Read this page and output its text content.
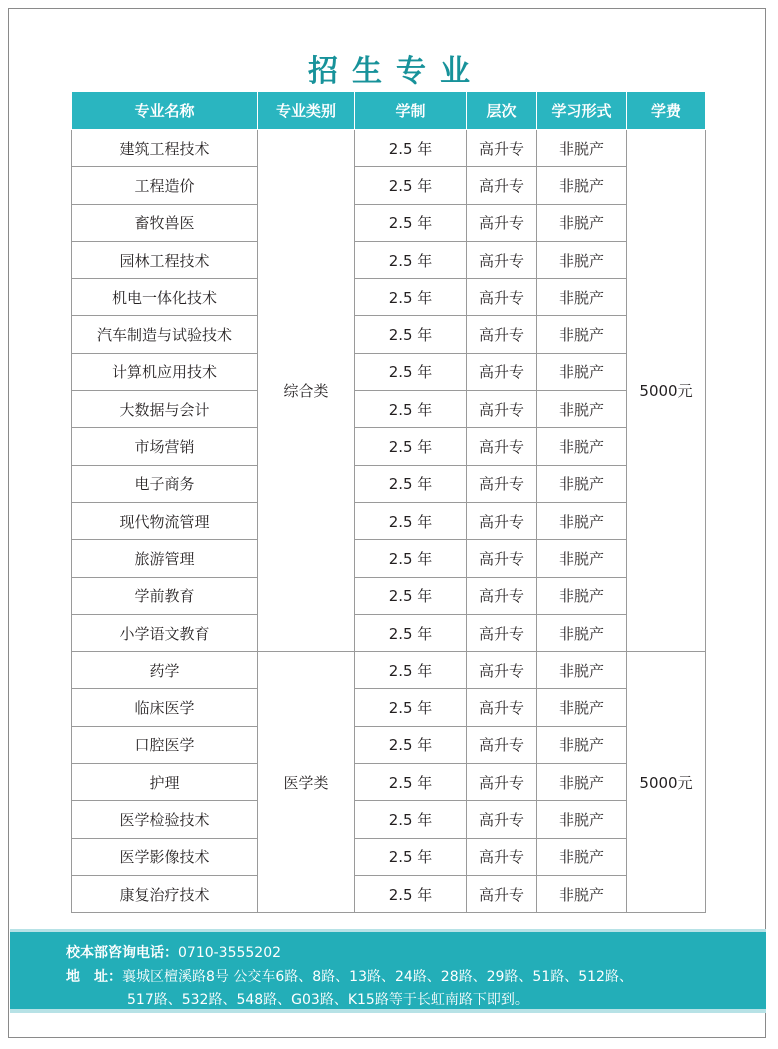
招生专业
专业名称	专业类别	学制	层次	学习形式	学费
建筑工程技术	综合类	2.5 年	高升专	非脱产	5000元
工程造价		2.5 年	高升专	非脱产	
畜牧兽医		2.5 年	高升专	非脱产	
园林工程技术		2.5 年	高升专	非脱产	
机电一体化技术		2.5 年	高升专	非脱产	
汽车制造与试验技术		2.5 年	高升专	非脱产	
计算机应用技术		2.5 年	高升专	非脱产	
大数据与会计		2.5 年	高升专	非脱产	
市场营销		2.5 年	高升专	非脱产	
电子商务		2.5 年	高升专	非脱产	
现代物流管理		2.5 年	高升专	非脱产	
旅游管理		2.5 年	高升专	非脱产	
学前教育		2.5 年	高升专	非脱产	
小学语文教育		2.5 年	高升专	非脱产	
药学	医学类	2.5 年	高升专	非脱产	5000元
临床医学		2.5 年	高升专	非脱产	
口腔医学		2.5 年	高升专	非脱产	
护理		2.5 年	高升专	非脱产	
医学检验技术		2.5 年	高升专	非脱产	
医学影像技术		2.5 年	高升专	非脱产	
康复治疗技术		2.5 年	高升专	非脱产	
校本部咨询电话：0710-3555202
地　址：襄城区檀溪路8号 公交车6路、8路、13路、24路、28路、29路、51路、512路、
517路、532路、548路、G03路、K15路等于长虹南路下即到。
